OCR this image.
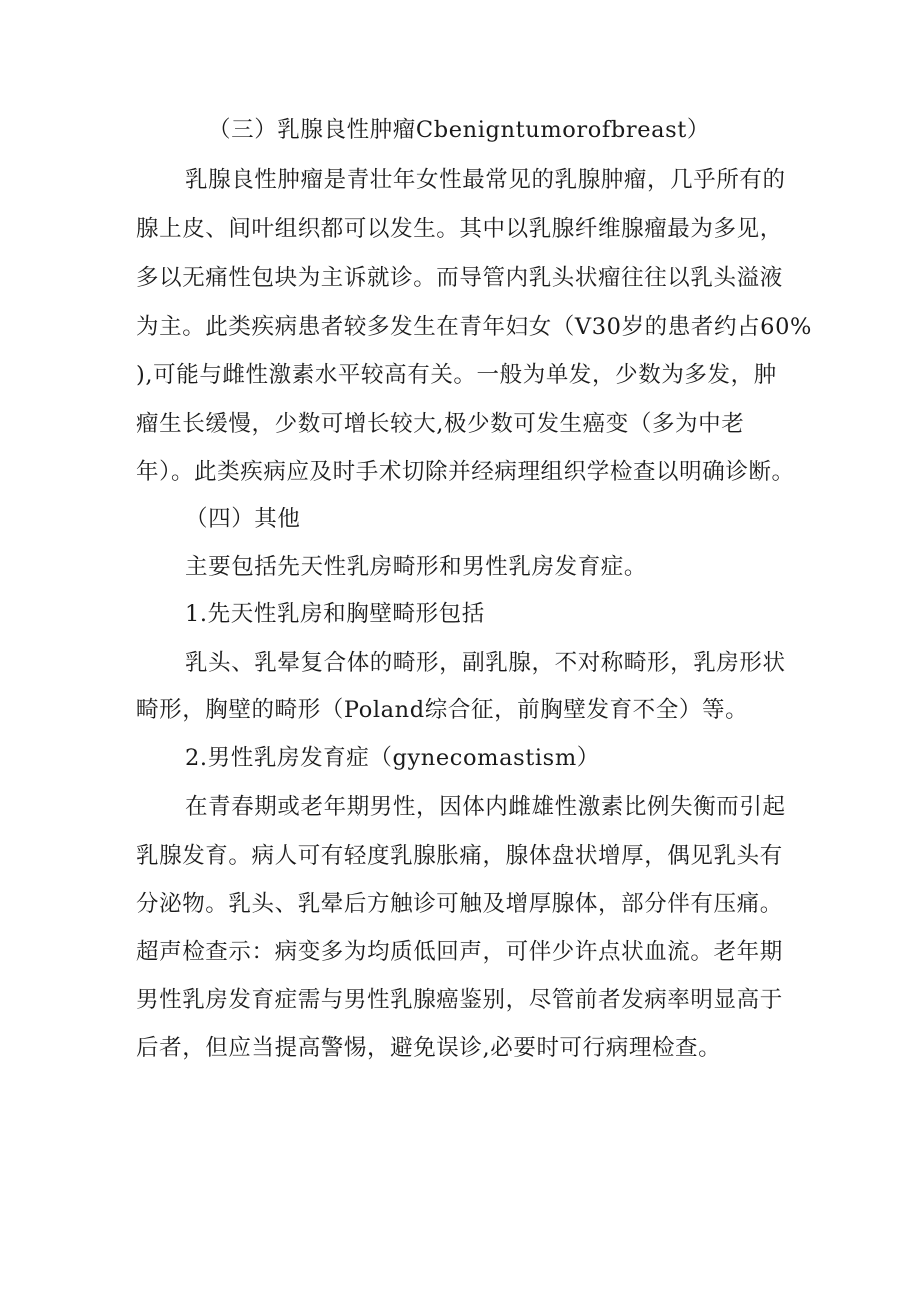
（三）乳腺良性肿瘤Cbenigntumorofbreast）
乳腺良性肿瘤是青壮年女性最常见的乳腺肿瘤，几乎所有的
腺上皮、间叶组织都可以发生。其中以乳腺纤维腺瘤最为多见，
多以无痛性包块为主诉就诊。而导管内乳头状瘤往往以乳头溢液
为主。此类疾病患者较多发生在青年妇女（V30岁的患者约占60%
),可能与雌性激素水平较高有关。一般为单发，少数为多发，肿
瘤生长缓慢，少数可增长较大,极少数可发生癌变（多为中老
年）。此类疾病应及时手术切除并经病理组织学检查以明确诊断。
（四）其他
主要包括先天性乳房畸形和男性乳房发育症。
1.先天性乳房和胸壁畸形包括
乳头、乳晕复合体的畸形，副乳腺，不对称畸形，乳房形状
畸形，胸壁的畸形（Poland综合征，前胸壁发育不全）等。
2.男性乳房发育症（gynecomastism）
在青春期或老年期男性，因体内雌雄性激素比例失衡而引起
乳腺发育。病人可有轻度乳腺胀痛，腺体盘状增厚，偶见乳头有
分泌物。乳头、乳晕后方触诊可触及增厚腺体，部分伴有压痛。
超声检查示：病变多为均质低回声，可伴少许点状血流。老年期
男性乳房发育症需与男性乳腺癌鉴别，尽管前者发病率明显高于
后者，但应当提高警惕，避免误诊,必要时可行病理检查。
